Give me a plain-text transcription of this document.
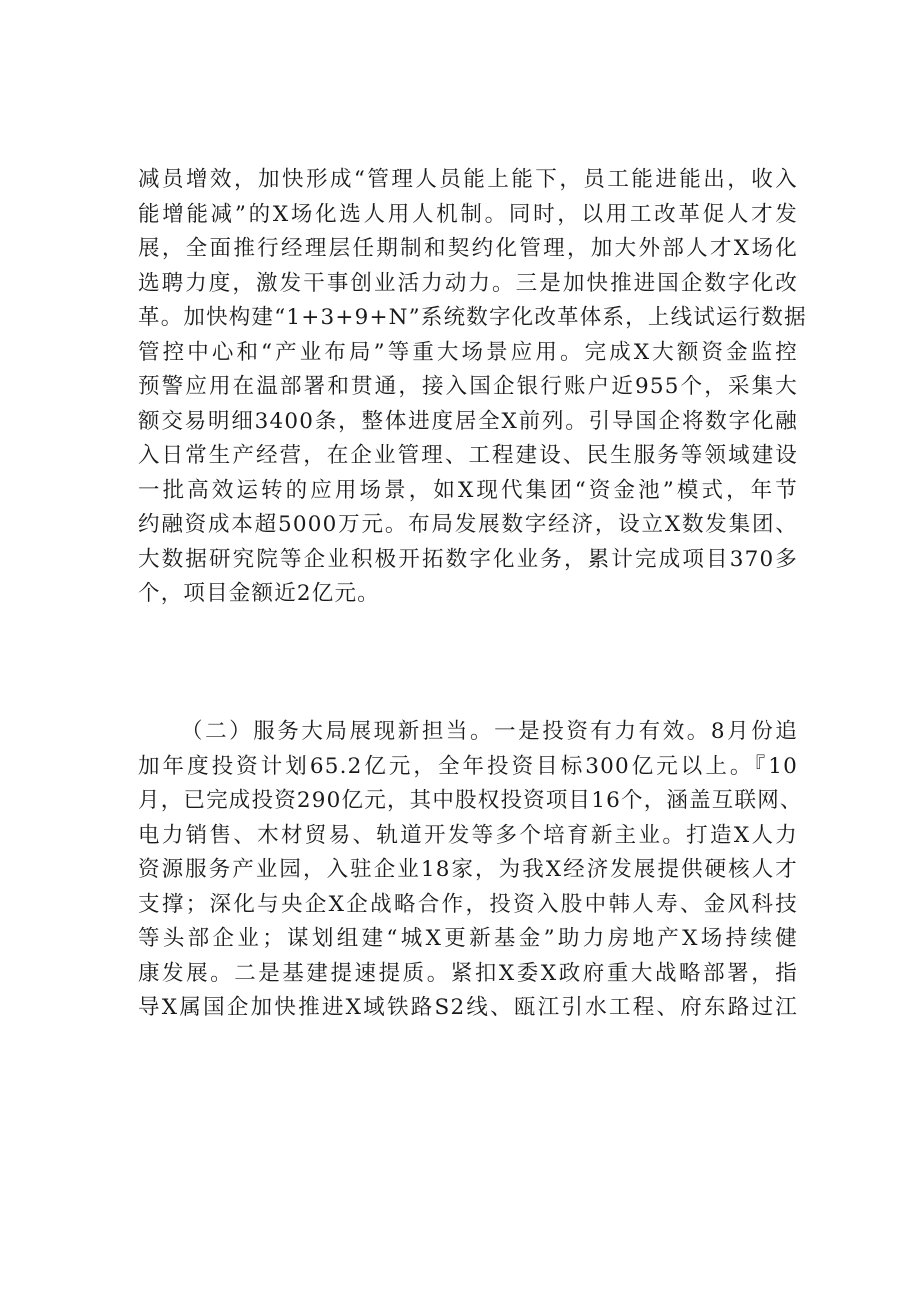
减员增效，加快形成“管理人员能上能下，员工能进能出，收入
能增能减”的X场化选人用人机制。同时，以用工改革促人才发
展，全面推行经理层任期制和契约化管理，加大外部人才X场化
选聘力度，激发干事创业活力动力。三是加快推进国企数字化改
革。加快构建“1+3+9+N”系统数字化改革体系，上线试运行数据
管控中心和“产业布局”等重大场景应用。完成X大额资金监控
预警应用在温部署和贯通，接入国企银行账户近955个，采集大
额交易明细3400条，整体进度居全X前列。引导国企将数字化融
入日常生产经营，在企业管理、工程建设、民生服务等领域建设
一批高效运转的应用场景，如X现代集团“资金池”模式，年节
约融资成本超5000万元。布局发展数字经济，设立X数发集团、
大数据研究院等企业积极开拓数字化业务，累计完成项目370多
个，项目金额近2亿元。
（二）服务大局展现新担当。一是投资有力有效。8月份追
加年度投资计划65.2亿元，全年投资目标300亿元以上。『10
月，已完成投资290亿元，其中股权投资项目16个，涵盖互联网、
电力销售、木材贸易、轨道开发等多个培育新主业。打造X人力
资源服务产业园，入驻企业18家，为我X经济发展提供硬核人才
支撑；深化与央企X企战略合作，投资入股中韩人寿、金风科技
等头部企业；谋划组建“城X更新基金”助力房地产X场持续健
康发展。二是基建提速提质。紧扣X委X政府重大战略部署，指
导X属国企加快推进X域铁路S2线、瓯江引水工程、府东路过江
